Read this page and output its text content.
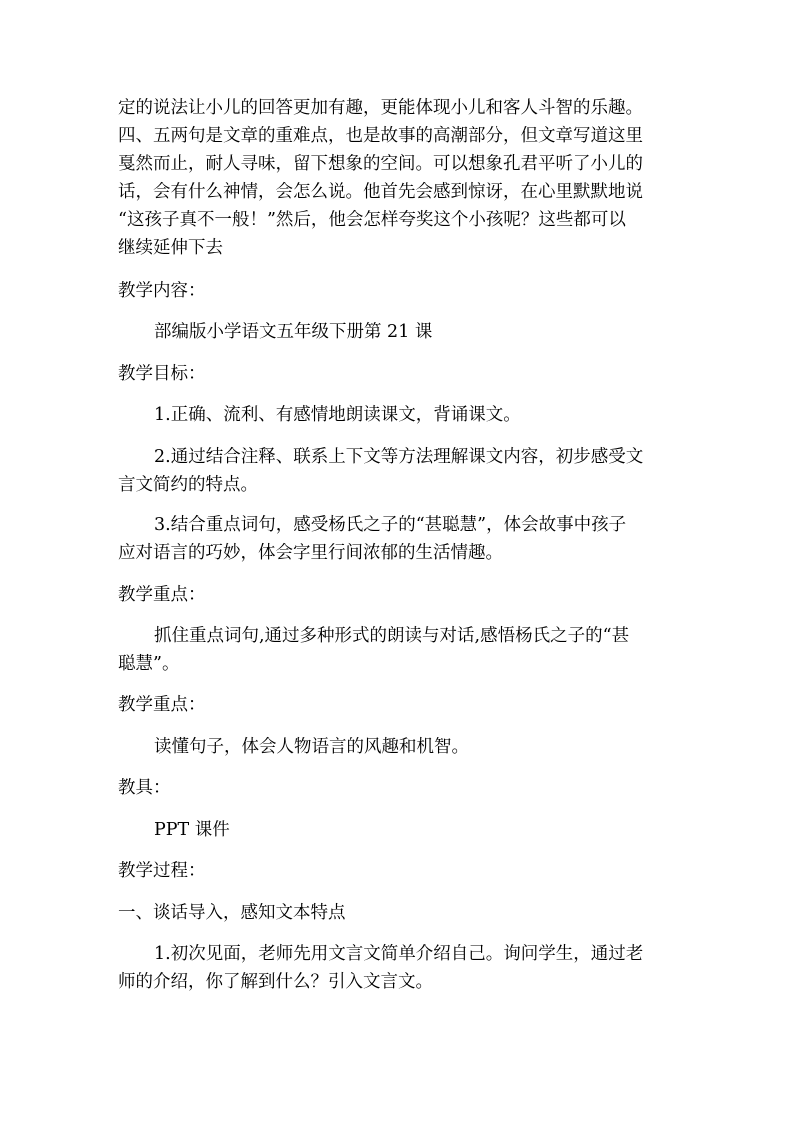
定的说法让小儿的回答更加有趣，更能体现小儿和客人斗智的乐趣。
四、五两句是文章的重难点，也是故事的高潮部分，但文章写道这里
戛然而止，耐人寻味，留下想象的空间。可以想象孔君平听了小儿的
话，会有什么神情，会怎么说。他首先会感到惊讶，在心里默默地说
“这孩子真不一般！”然后，他会怎样夸奖这个小孩呢？这些都可以
继续延伸下去
教学内容：
部编版小学语文五年级下册第 21 课
教学目标：
1.正确、流利、有感情地朗读课文，背诵课文。
2.通过结合注释、联系上下文等方法理解课文内容，初步感受文
言文简约的特点。
3.结合重点词句，感受杨氏之子的“甚聪慧”，体会故事中孩子
应对语言的巧妙，体会字里行间浓郁的生活情趣。
教学重点：
抓住重点词句,通过多种形式的朗读与对话,感悟杨氏之子的“甚
聪慧”。
教学重点：
读懂句子，体会人物语言的风趣和机智。
教具：
PPT 课件
教学过程：
一、谈话导入，感知文本特点
1.初次见面，老师先用文言文简单介绍自己。询问学生，通过老
师的介绍，你了解到什么？引入文言文。
